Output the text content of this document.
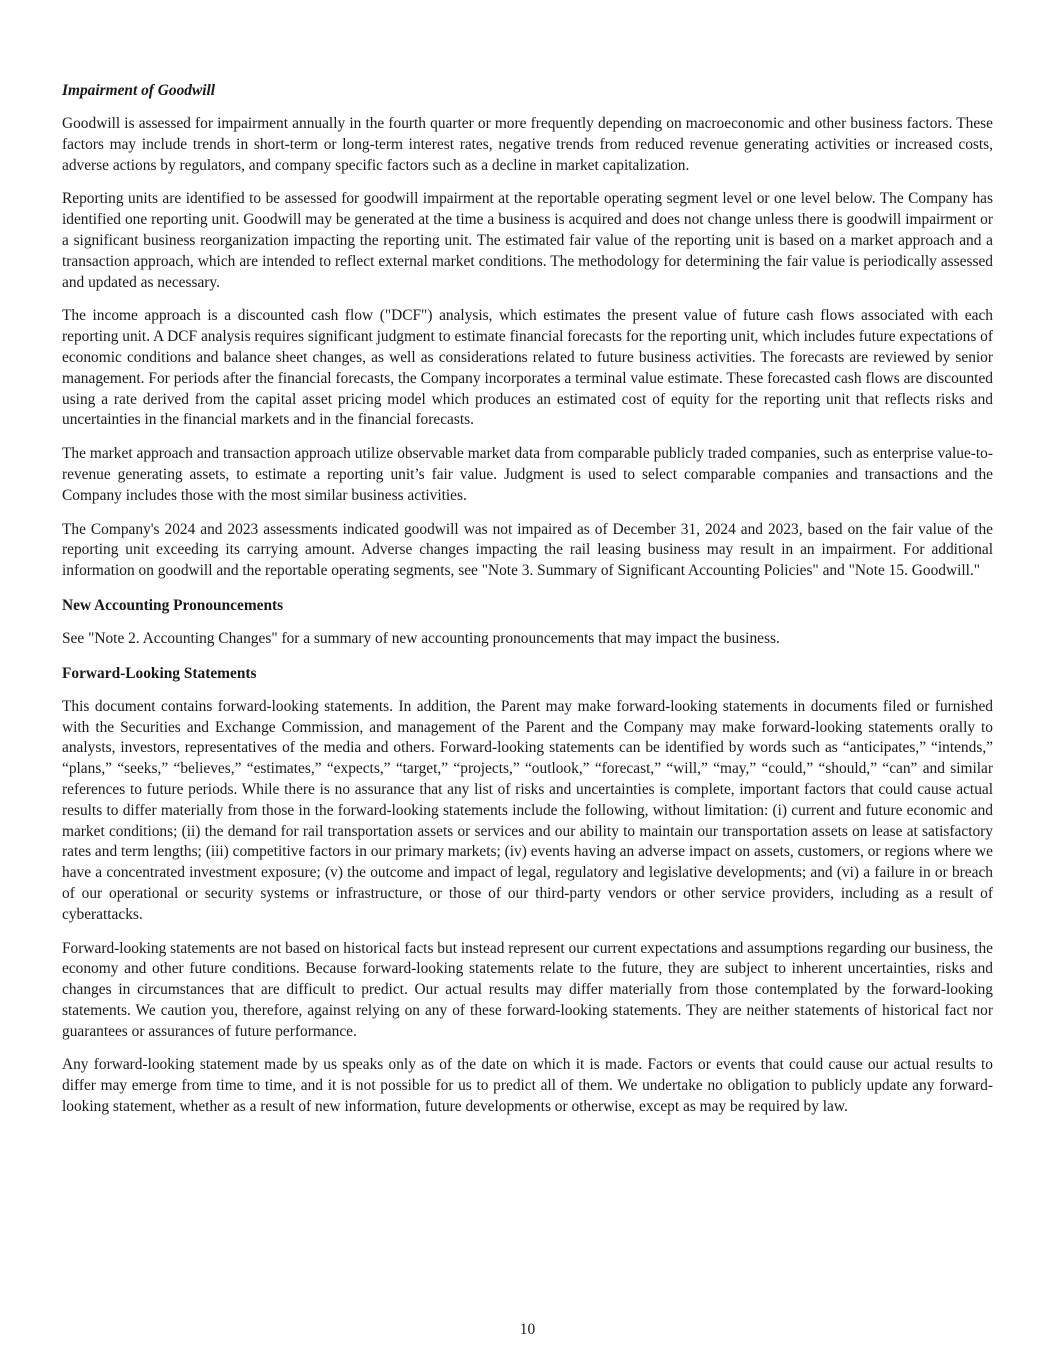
Impairment of Goodwill

Goodwill is assessed for impairment annually in the fourth quarter or more frequently depending on macroeconomic and other business factors. These factors may include trends in short-term or long-term interest rates, negative trends from reduced revenue generating activities or increased costs, adverse actions by regulators, and company specific factors such as a decline in market capitalization.

Reporting units are identified to be assessed for goodwill impairment at the reportable operating segment level or one level below. The Company has identified one reporting unit. Goodwill may be generated at the time a business is acquired and does not change unless there is goodwill impairment or a significant business reorganization impacting the reporting unit. The estimated fair value of the reporting unit is based on a market approach and a transaction approach, which are intended to reflect external market conditions. The methodology for determining the fair value is periodically assessed and updated as necessary.

The income approach is a discounted cash flow ("DCF") analysis, which estimates the present value of future cash flows associated with each reporting unit. A DCF analysis requires significant judgment to estimate financial forecasts for the reporting unit, which includes future expectations of economic conditions and balance sheet changes, as well as considerations related to future business activities. The forecasts are reviewed by senior management. For periods after the financial forecasts, the Company incorporates a terminal value estimate. These forecasted cash flows are discounted using a rate derived from the capital asset pricing model which produces an estimated cost of equity for the reporting unit that reflects risks and uncertainties in the financial markets and in the financial forecasts.

The market approach and transaction approach utilize observable market data from comparable publicly traded companies, such as enterprise value-to-revenue generating assets, to estimate a reporting unit’s fair value. Judgment is used to select comparable companies and transactions and the Company includes those with the most similar business activities.

The Company's 2024 and 2023 assessments indicated goodwill was not impaired as of December 31, 2024 and 2023, based on the fair value of the reporting unit exceeding its carrying amount. Adverse changes impacting the rail leasing business may result in an impairment. For additional information on goodwill and the reportable operating segments, see "Note 3. Summary of Significant Accounting Policies" and "Note 15. Goodwill."

New Accounting Pronouncements

See "Note 2. Accounting Changes" for a summary of new accounting pronouncements that may impact the business.

Forward-Looking Statements

This document contains forward-looking statements. In addition, the Parent may make forward-looking statements in documents filed or furnished with the Securities and Exchange Commission, and management of the Parent and the Company may make forward-looking statements orally to analysts, investors, representatives of the media and others. Forward-looking statements can be identified by words such as “anticipates,” “intends,” “plans,” “seeks,” “believes,” “estimates,” “expects,” “target,” “projects,” “outlook,” “forecast,” “will,” “may,” “could,” “should,” “can” and similar references to future periods. While there is no assurance that any list of risks and uncertainties is complete, important factors that could cause actual results to differ materially from those in the forward-looking statements include the following, without limitation: (i) current and future economic and market conditions; (ii) the demand for rail transportation assets or services and our ability to maintain our transportation assets on lease at satisfactory rates and term lengths; (iii) competitive factors in our primary markets; (iv) events having an adverse impact on assets, customers, or regions where we have a concentrated investment exposure; (v) the outcome and impact of legal, regulatory and legislative developments; and (vi) a failure in or breach of our operational or security systems or infrastructure, or those of our third-party vendors or other service providers, including as a result of cyberattacks.

Forward-looking statements are not based on historical facts but instead represent our current expectations and assumptions regarding our business, the economy and other future conditions. Because forward-looking statements relate to the future, they are subject to inherent uncertainties, risks and changes in circumstances that are difficult to predict. Our actual results may differ materially from those contemplated by the forward-looking statements. We caution you, therefore, against relying on any of these forward-looking statements. They are neither statements of historical fact nor guarantees or assurances of future performance.

Any forward-looking statement made by us speaks only as of the date on which it is made. Factors or events that could cause our actual results to differ may emerge from time to time, and it is not possible for us to predict all of them. We undertake no obligation to publicly update any forward-looking statement, whether as a result of new information, future developments or otherwise, except as may be required by law.

10
